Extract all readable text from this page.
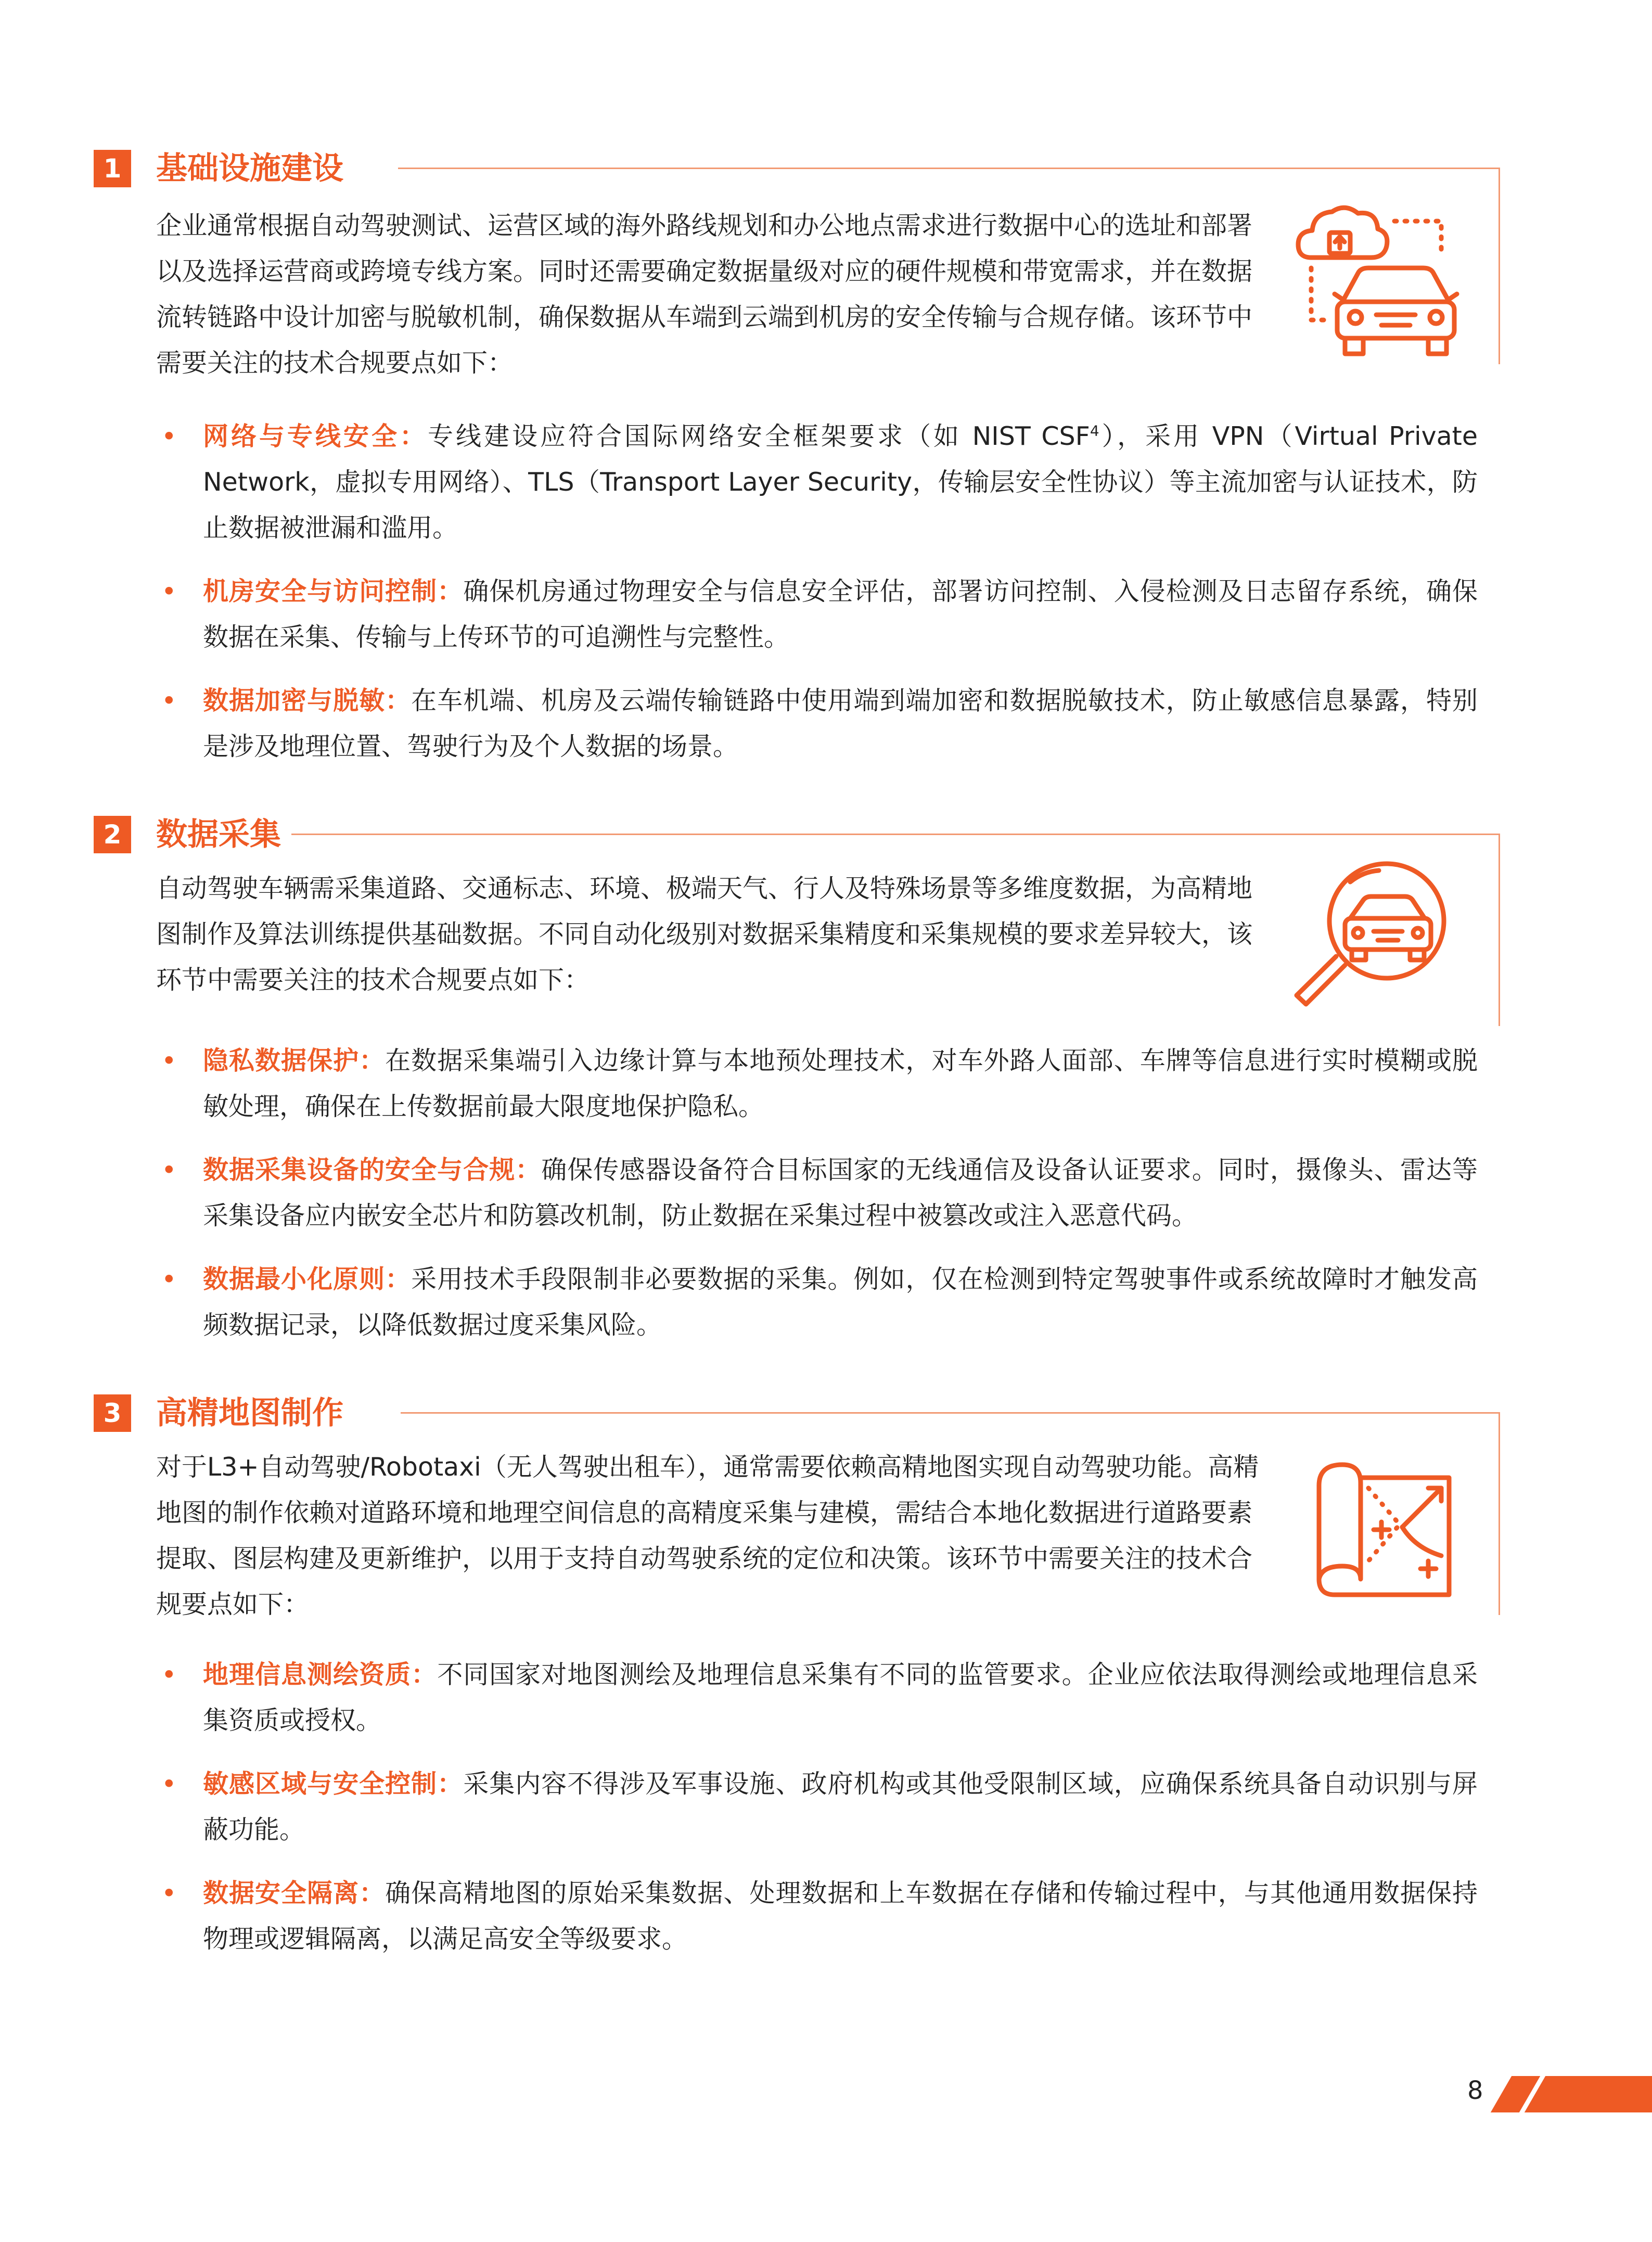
1	基础设施建设

企业通常根据自动驾驶测试、运营区域的海外路线规划和办公地点需求进行数据中心的选址和部署以及选择运营商或跨境专线方案。同时还需要确定数据量级对应的硬件规模和带宽需求，并在数据流转链路中设计加密与脱敏机制，确保数据从车端到云端到机房的安全传输与合规存储。该环节中需要关注的技术合规要点如下：

• 网络与专线安全：专线建设应符合国际网络安全框架要求（如 NIST CSF$^4$），采用 VPN（Virtual Private Network，虚拟专用网络）、TLS（Transport Layer Security，传输层安全性协议）等主流加密与认证技术，防止数据被泄漏和滥用。
• 机房安全与访问控制：确保机房通过物理安全与信息安全评估，部署访问控制、入侵检测及日志留存系统，确保数据在采集、传输与上传环节的可追溯性与完整性。
• 数据加密与脱敏：在车机端、机房及云端传输链路中使用端到端加密和数据脱敏技术，防止敏感信息暴露，特别是涉及地理位置、驾驶行为及个人数据的场景。
2	数据采集

自动驾驶车辆需采集道路、交通标志、环境、极端天气、行人及特殊场景等多维度数据，为高精地图制作及算法训练提供基础数据。不同自动化级别对数据采集精度和采集规模的要求差异较大，该环节中需要关注的技术合规要点如下：

• 隐私数据保护：在数据采集端引入边缘计算与本地预处理技术，对车外路人面部、车牌等信息进行实时模糊或脱敏处理，确保在上传数据前最大限度地保护隐私。
• 数据采集设备的安全与合规：确保传感器设备符合目标国家的无线通信及设备认证要求。同时，摄像头、雷达等采集设备应内嵌安全芯片和防篡改机制，防止数据在采集过程中被篡改或注入恶意代码。
• 数据最小化原则：采用技术手段限制非必要数据的采集。例如，仅在检测到特定驾驶事件或系统故障时才触发高频数据记录，以降低数据过度采集风险。
3	高精地图制作

对于L3+自动驾驶/Robotaxi（无人驾驶出租车），通常需要依赖高精地图实现自动驾驶功能。高精地图的制作依赖对道路环境和地理空间信息的高精度采集与建模，需结合本地化数据进行道路要素提取、图层构建及更新维护，以用于支持自动驾驶系统的定位和决策。该环节中需要关注的技术合规要点如下：

• 地理信息测绘资质：不同国家对地图测绘及地理信息采集有不同的监管要求。企业应依法取得测绘或地理信息采集资质或授权。
• 敏感区域与安全控制：采集内容不得涉及军事设施、政府机构或其他受限制区域，应确保系统具备自动识别与屏蔽功能。
• 数据安全隔离：确保高精地图的原始采集数据、处理数据和上车数据在存储和传输过程中，与其他通用数据保持物理或逻辑隔离，以满足高安全等级要求。
8
